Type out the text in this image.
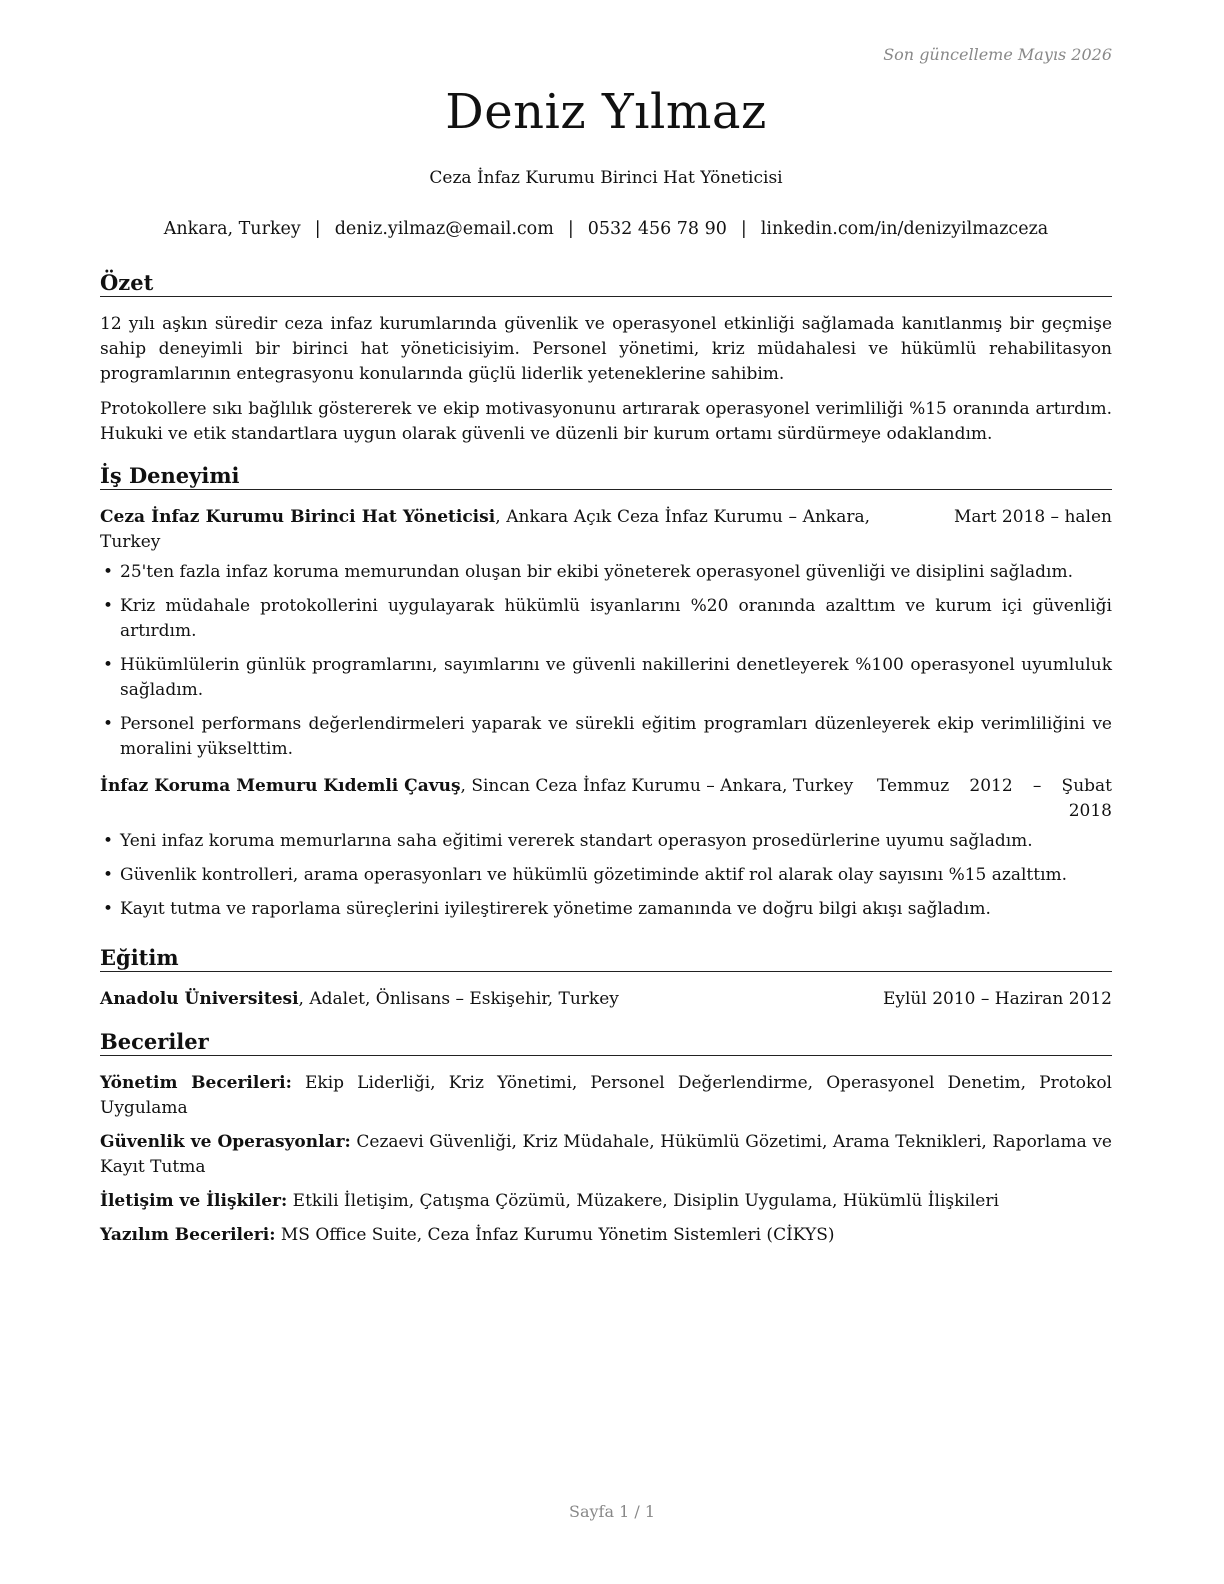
Son güncelleme Mayıs 2026
Deniz Yılmaz
Ceza İnfaz Kurumu Birinci Hat Yöneticisi
Ankara, Turkey | deniz.yilmaz@email.com | 0532 456 78 90 | linkedin.com/in/denizyilmazceza
Özet

12 yılı aşkın süredir ceza infaz kurumlarında güvenlik ve operasyonel etkinliği sağlamada kanıtlanmış bir geçmişe sahip deneyimli bir birinci hat yöneticisiyim. Personel yönetimi, kriz müdahalesi ve hükümlü rehabilitasyon programlarının entegrasyonu konularında güçlü liderlik yeteneklerine sahibim.

Protokollere sıkı bağlılık göstererek ve ekip motivasyonunu artırarak operasyonel verimliliği %15 oranında artırdım. Hukuki ve etik standartlara uygun olarak güvenli ve düzenli bir kurum ortamı sürdürmeye odaklandım.

İş Deneyimi
Ceza İnfaz Kurumu Birinci Hat Yöneticisi, Ankara Açık Ceza İnfaz Kurumu – Ankara, Turkey
Mart 2018 – halen
• 25'ten fazla infaz koruma memurundan oluşan bir ekibi yöneterek operasyonel güvenliği ve disiplini sağladım.
• Kriz müdahale protokollerini uygulayarak hükümlü isyanlarını %20 oranında azalttım ve kurum içi güvenliği artırdım.
• Hükümlülerin günlük programlarını, sayımlarını ve güvenli nakillerini denetleyerek %100 operasyonel uyumluluk sağladım.
• Personel performans değerlendirmeleri yaparak ve sürekli eğitim programları düzenleyerek ekip verimliliğini ve moralini yükselttim.
İnfaz Koruma Memuru Kıdemli Çavuş, Sincan Ceza İnfaz Kurumu – Ankara, Turkey	Temmuz 2012 – Şubat 2018
• Yeni infaz koruma memurlarına saha eğitimi vererek standart operasyon prosedürlerine uyumu sağladım.
• Güvenlik kontrolleri, arama operasyonları ve hükümlü gözetiminde aktif rol alarak olay sayısını %15 azalttım.
• Kayıt tutma ve raporlama süreçlerini iyileştirerek yönetime zamanında ve doğru bilgi akışı sağladım.
Eğitim
Anadolu Üniversitesi, Adalet, Önlisans – Eskişehir, Turkey	Eylül 2010 – Haziran 2012
Beceriler
Yönetim Becerileri: Ekip Liderliği, Kriz Yönetimi, Personel Değerlendirme, Operasyonel Denetim, Protokol Uygulama
Güvenlik ve Operasyonlar: Cezaevi Güvenliği, Kriz Müdahale, Hükümlü Gözetimi, Arama Teknikleri, Raporlama ve Kayıt Tutma
İletişim ve İlişkiler: Etkili İletişim, Çatışma Çözümü, Müzakere, Disiplin Uygulama, Hükümlü İlişkileri
Yazılım Becerileri: MS Office Suite, Ceza İnfaz Kurumu Yönetim Sistemleri (CİKYS)
Sayfa 1 / 1
